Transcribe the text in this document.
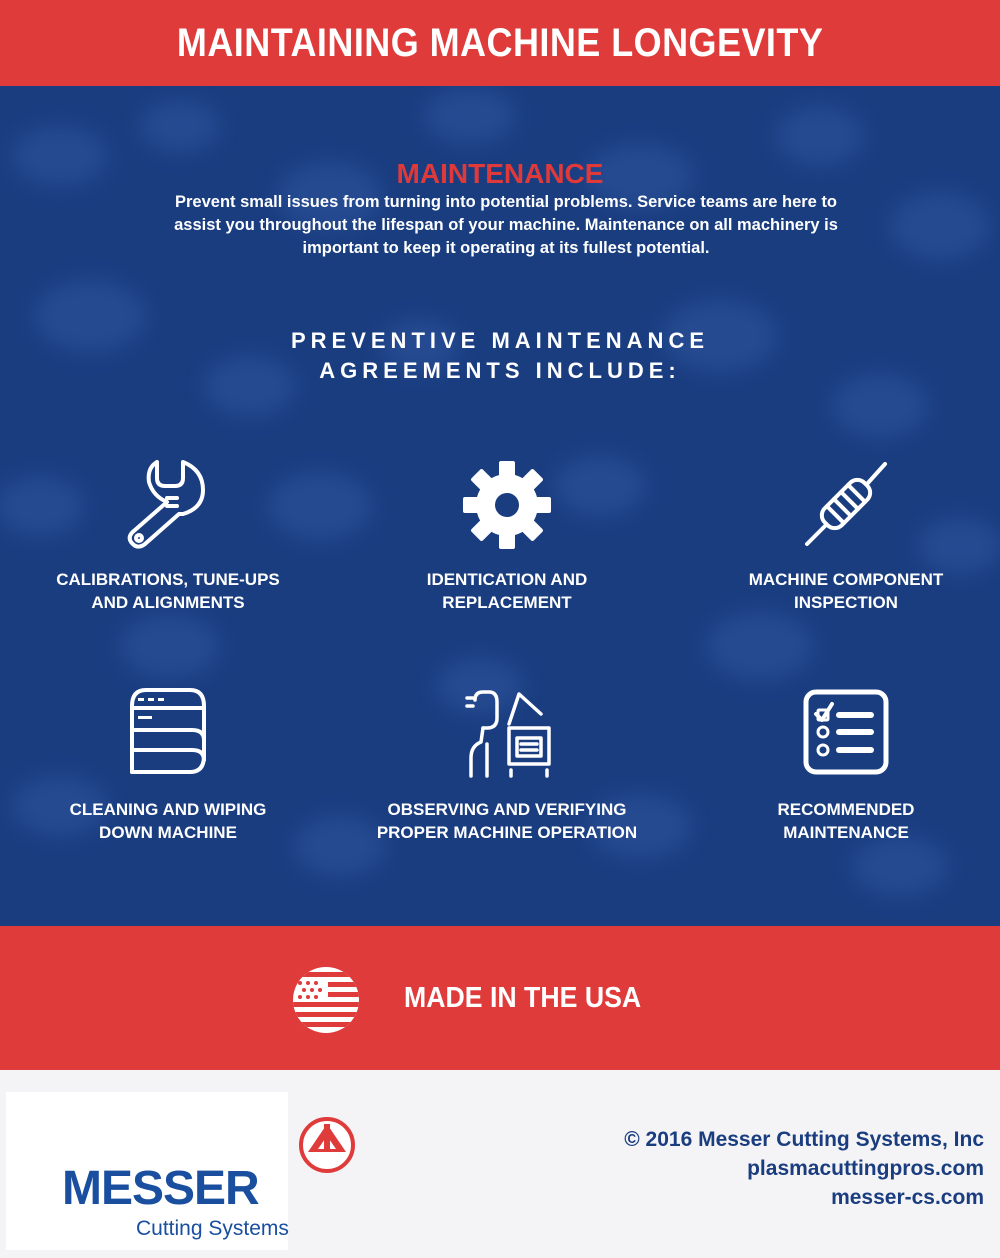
MAINTAINING MACHINE LONGEVITY
MAINTENANCE
Prevent small issues from turning into potential problems. Service teams are here to assist you throughout the lifespan of your machine. Maintenance on all machinery is important to keep it operating at its fullest potential.
PREVENTIVE MAINTENANCE
AGREEMENTS INCLUDE:
CALIBRATIONS, TUNE-UPS
AND ALIGNMENTS
IDENTICATION AND
REPLACEMENT
MACHINE COMPONENT
INSPECTION
CLEANING AND WIPING
DOWN MACHINE
OBSERVING AND VERIFYING
PROPER MACHINE OPERATION
RECOMMENDED
MAINTENANCE
MADE IN THE USA
MESSER
Cutting Systems
© 2016 Messer Cutting Systems, Inc
plasmacuttingpros.com
messer-cs.com
